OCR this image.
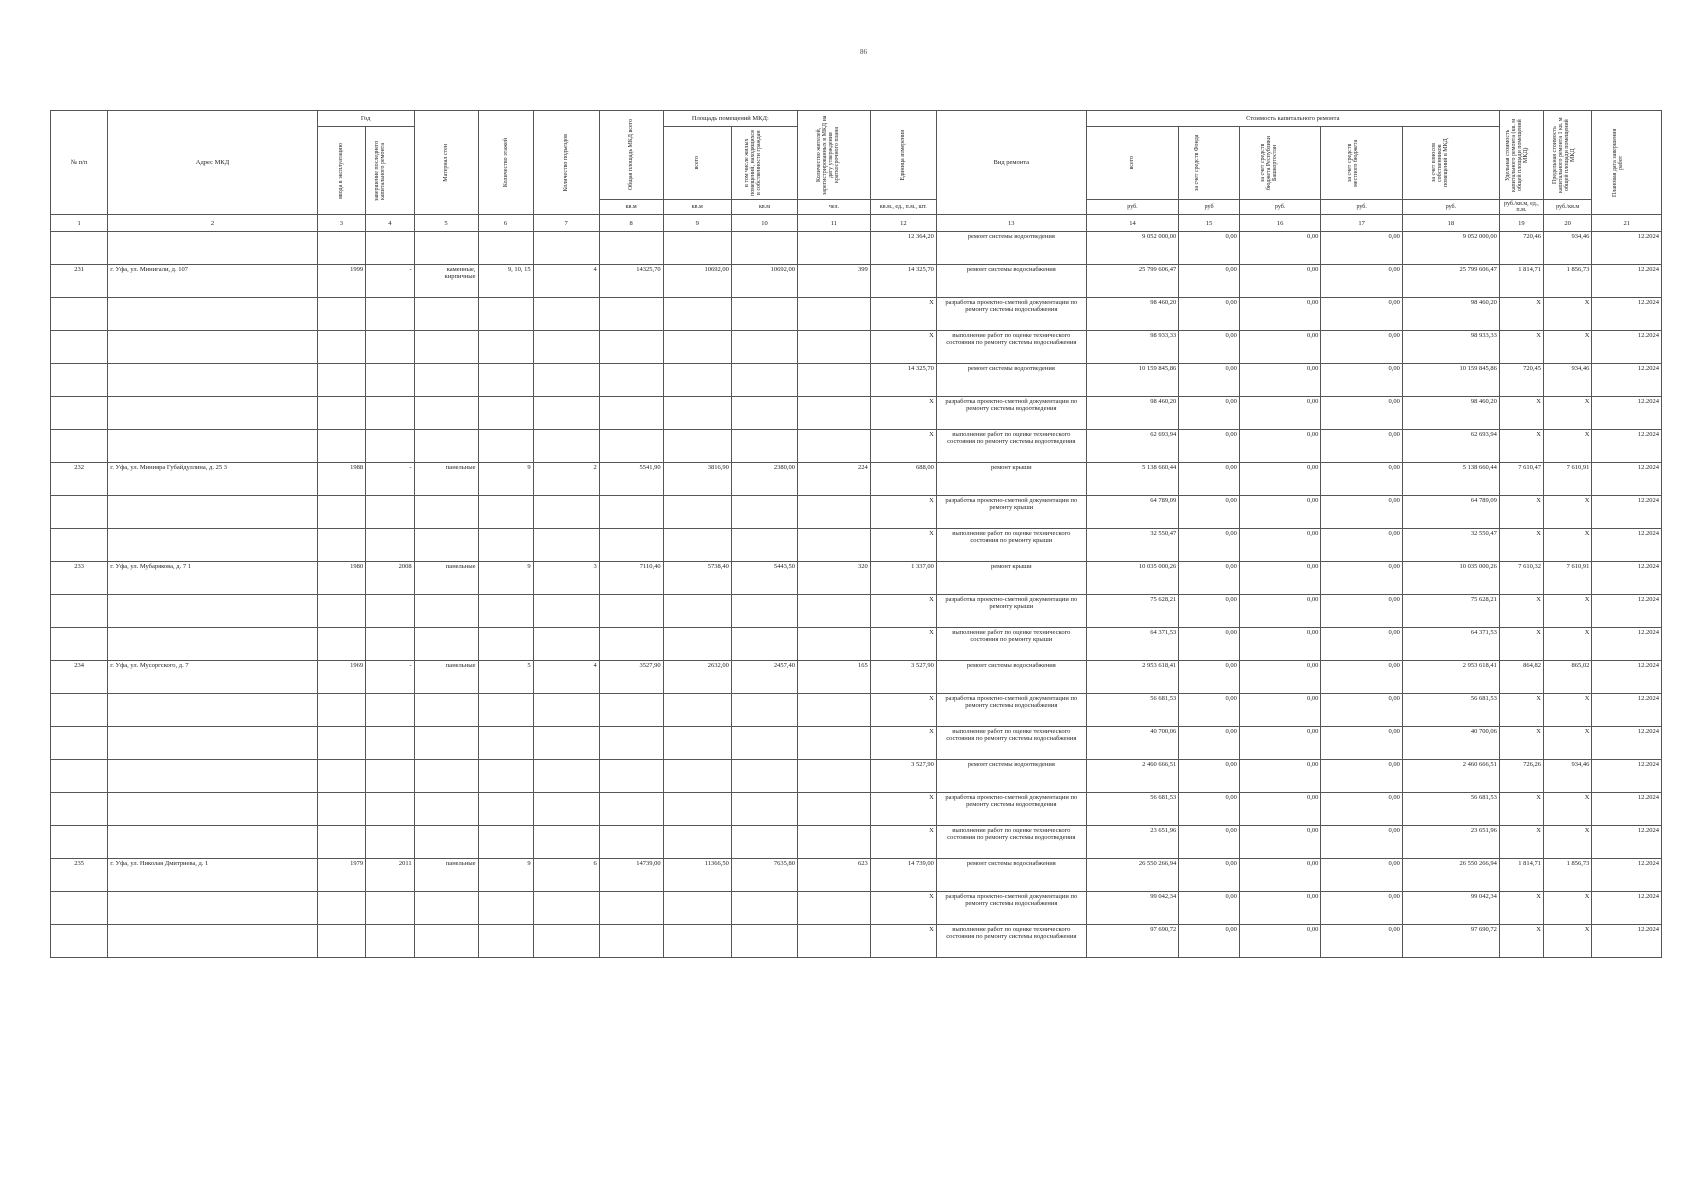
86
№ п/п	Адрес МКД	Год		Материал стен	Количество этажей	Количество подъездов	Общая площадь МКД всего	Площадь помещений МКД:		Количество жителей, зарегистрированных в МКД на дату утверждения краткосрочного плана	Единица измерения	Вид ремонта	Стоимость капитального ремонта					Удельная стоимость капитального ремонта (кв. м общей площади помещений МКД)	Предельная стоимость капитального ремонта 1 кв. м общей площади помещений МКД	Плановая дата завершения работ

		ввода в эксплуатацию	завершение последнего капитального ремонта					всего	в том числе жилых помещений, находящихся в собственности граждан				всего	за счет средств Фонда	за счет средств бюджета Республики Башкортостан	за счет средств местного бюджета	за счет взносов собственников помещений в МКД			

							кв.м	кв.м	кв.м	чел.	кв.м., ед., п.м., шт.		руб.	руб	руб.	руб.	руб.	руб./кв.м, ед., п.м.	руб./кв.м	
1	2	3	4	5	6	7	8	9	10	11	12	13	14	15	16	17	18	19	20	21
											12 364,20	ремонт системы водоотведения	9 052 000,00	0,00	0,00	0,00	9 052 000,00	720,46	934,46	12.2024
231	г. Уфа, ул. Минигали, д. 107	1999	-	каменные, кирпичные	9, 10, 15	4	14325,70	10692,00	10692,00	399	14 325,70	ремонт системы водоснабжения	25 799 606,47	0,00	0,00	0,00	25 799 606,47	1 814,71	1 856,73	12.2024
											X	разработка проектно-сметной документации по ремонту системы водоснабжения	98 460,20	0,00	0,00	0,00	98 460,20	X	X	12.2024
											X	выполнение работ по оценке технического состояния по ремонту системы водоснабжения	98 933,33	0,00	0,00	0,00	98 933,33	X	X	12.2024
											14 325,70	ремонт системы водоотведения	10 159 845,86	0,00	0,00	0,00	10 159 845,86	720,45	934,46	12.2024
											X	разработка проектно-сметной документации по ремонту системы водоотведения	98 460,20	0,00	0,00	0,00	98 460,20	X	X	12.2024
											X	выполнение работ по оценке технического состояния по ремонту системы водоотведения	62 693,94	0,00	0,00	0,00	62 693,94	X	X	12.2024
232	г. Уфа, ул. Минияра Губайдуллина, д. 25 3	1988	-	панельные	9	2	5541,90	3816,90	2380,00	224	688,00	ремонт крыши	5 138 660,44	0,00	0,00	0,00	5 138 660,44	7 610,47	7 610,91	12.2024
											X	разработка проектно-сметной документации по ремонту крыши	64 789,09	0,00	0,00	0,00	64 789,09	X	X	12.2024
											X	выполнение работ по оценке технического состояния по ремонту крыши	32 550,47	0,00	0,00	0,00	32 550,47	X	X	12.2024
233	г. Уфа, ул. Мубарякова, д. 7 1	1980	2008	панельные	9	3	7110,40	5738,40	5443,50	320	1 337,00	ремонт крыши	10 035 000,26	0,00	0,00	0,00	10 035 000,26	7 610,32	7 610,91	12.2024
											X	разработка проектно-сметной документации по ремонту крыши	75 628,21	0,00	0,00	0,00	75 628,21	X	X	12.2024
											X	выполнение работ по оценке технического состояния по ремонту крыши	64 371,53	0,00	0,00	0,00	64 371,53	X	X	12.2024
234	г. Уфа, ул. Мусоргского, д. 7	1969	-	панельные	5	4	3527,90	2632,00	2457,40	165	3 527,90	ремонт системы водоснабжения	2 953 618,41	0,00	0,00	0,00	2 953 618,41	864,82	865,02	12.2024
											X	разработка проектно-сметной документации по ремонту системы водоснабжения	56 681,53	0,00	0,00	0,00	56 681,53	X	X	12.2024
											X	выполнение работ по оценке технического состояния по ремонту системы водоснабжения	40 700,06	0,00	0,00	0,00	40 700,06	X	X	12.2024
											3 527,90	ремонт системы водоотведения	2 460 666,51	0,00	0,00	0,00	2 460 666,51	726,26	934,46	12.2024
											X	разработка проектно-сметной документации по ремонту системы водоотведения	56 681,53	0,00	0,00	0,00	56 681,53	X	X	12.2024
											X	выполнение работ по оценке технического состояния по ремонту системы водоотведения	23 651,96	0,00	0,00	0,00	23 651,96	X	X	12.2024
235	г. Уфа, ул. Николая Дмитриева, д. 1	1979	2011	панельные	9	6	14739,00	11366,50	7635,80	623	14 739,00	ремонт системы водоснабжения	26 550 266,94	0,00	0,00	0,00	26 550 266,94	1 814,71	1 856,73	12.2024
											X	разработка проектно-сметной документации по ремонту системы водоснабжения	99 042,34	0,00	0,00	0,00	99 042,34	X	X	12.2024
											X	выполнение работ по оценке технического состояния по ремонту системы водоснабжения	97 690,72	0,00	0,00	0,00	97 690,72	X	X	12.2024
